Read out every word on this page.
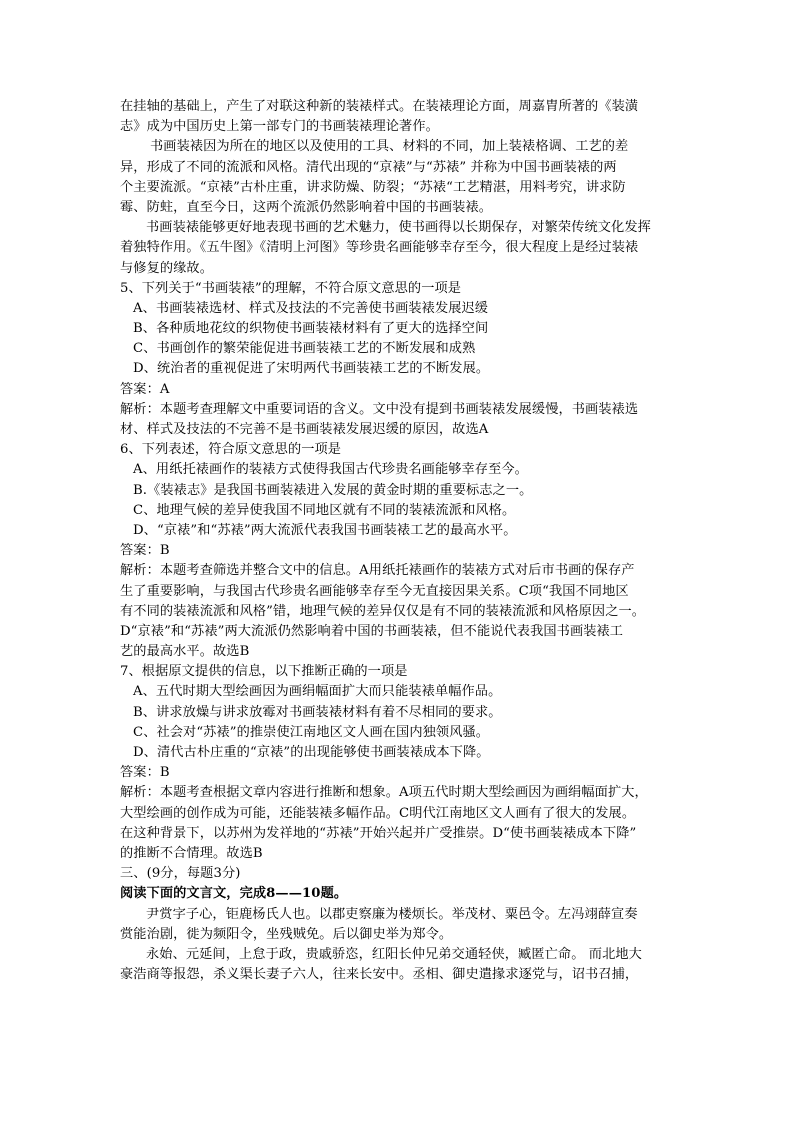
在挂轴的基础上，产生了对联这种新的装裱样式。在装裱理论方面，周嘉胄所著的《装潢
志》成为中国历史上第一部专门的书画装裱理论著作。
书画装裱因为所在的地区以及使用的工具、材料的不同，加上装裱格调、工艺的差
异，形成了不同的流派和风格。清代出现的“京裱”与“苏裱” 并称为中国书画装裱的两
个主要流派。“京裱”古朴庄重，讲求防燥、防裂；“苏裱“工艺精湛，用料考究，讲求防
霉、防蛀，直至今日，这两个流派仍然影响着中国的书画装裱。
书画装裱能够更好地表现书画的艺术魅力，使书画得以长期保存，对繁荣传统文化发挥
着独特作用。《五牛图》《清明上河图》等珍贵名画能够幸存至今，很大程度上是经过装裱
与修复的缘故。
5、下列关于“书画装裱”的理解，不符合原文意思的一项是
A、书画装裱选材、样式及技法的不完善使书画装裱发展迟缓
B、各种质地花纹的织物使书画装裱材料有了更大的选择空间
C、书画创作的繁荣能促进书画装裱工艺的不断发展和成熟
D、统治者的重视促进了宋明两代书画装裱工艺的不断发展。
答案：A
解析：本题考查理解文中重要词语的含义。文中没有提到书画装裱发展缓慢，书画装裱选
材、样式及技法的不完善不是书画装裱发展迟缓的原因，故选A
6、下列表述，符合原文意思的一项是
A、用纸托裱画作的装裱方式使得我国古代珍贵名画能够幸存至今。
B.《装裱志》是我国书画装裱进入发展的黄金时期的重要标志之一。
C、地理气候的差异使我国不同地区就有不同的装裱流派和风格。
D、“京裱”和“苏裱”两大流派代表我国书画装裱工艺的最高水平。
答案：B
解析：本题考查筛选并整合文中的信息。A用纸托裱画作的装裱方式对后市书画的保存产
生了重要影响，与我国古代珍贵名画能够幸存至今无直接因果关系。C项“我国不同地区
有不同的装裱流派和风格”错，地理气候的差异仅仅是有不同的装裱流派和风格原因之一。
D“京裱”和“苏裱”两大流派仍然影响着中国的书画装裱，但不能说代表我国书画装裱工
艺的最高水平。故选B
7、根据原文提供的信息，以下推断正确的一项是
A、五代时期大型绘画因为画绢幅面扩大而只能装裱单幅作品。
B、讲求放燥与讲求放霉对书画装裱材料有着不尽相同的要求。
C、社会对“苏裱”的推崇使江南地区文人画在国内独领风骚。
D、清代古朴庄重的“京裱”的出现能够使书画装裱成本下降。
答案：B
解析：本题考查根据文章内容进行推断和想象。A项五代时期大型绘画因为画绢幅面扩大，
大型绘画的创作成为可能，还能装裱多幅作品。C明代江南地区文人画有了很大的发展。
在这种背景下，以苏州为发祥地的“苏裱”开始兴起并广受推崇。D“使书画装裱成本下降”
的推断不合情理。故选B
三、(9分，每题3分)
阅读下面的文言文，完成8——10题。
尹赏字子心，钜鹿杨氏人也。以郡吏察廉为楼烦长。举茂材、粟邑令。左冯翊薛宣奏
赏能治剧，徙为频阳令，坐残贼免。后以御史举为郑令。
永始、元延间，上怠于政，贵戚骄恣，红阳长仲兄弟交通轻侠，臧匿亡命。 而北地大
豪浩商等报怨，杀义渠长妻子六人，往来长安中。丞相、御史遣掾求逐党与，诏书召捕，
